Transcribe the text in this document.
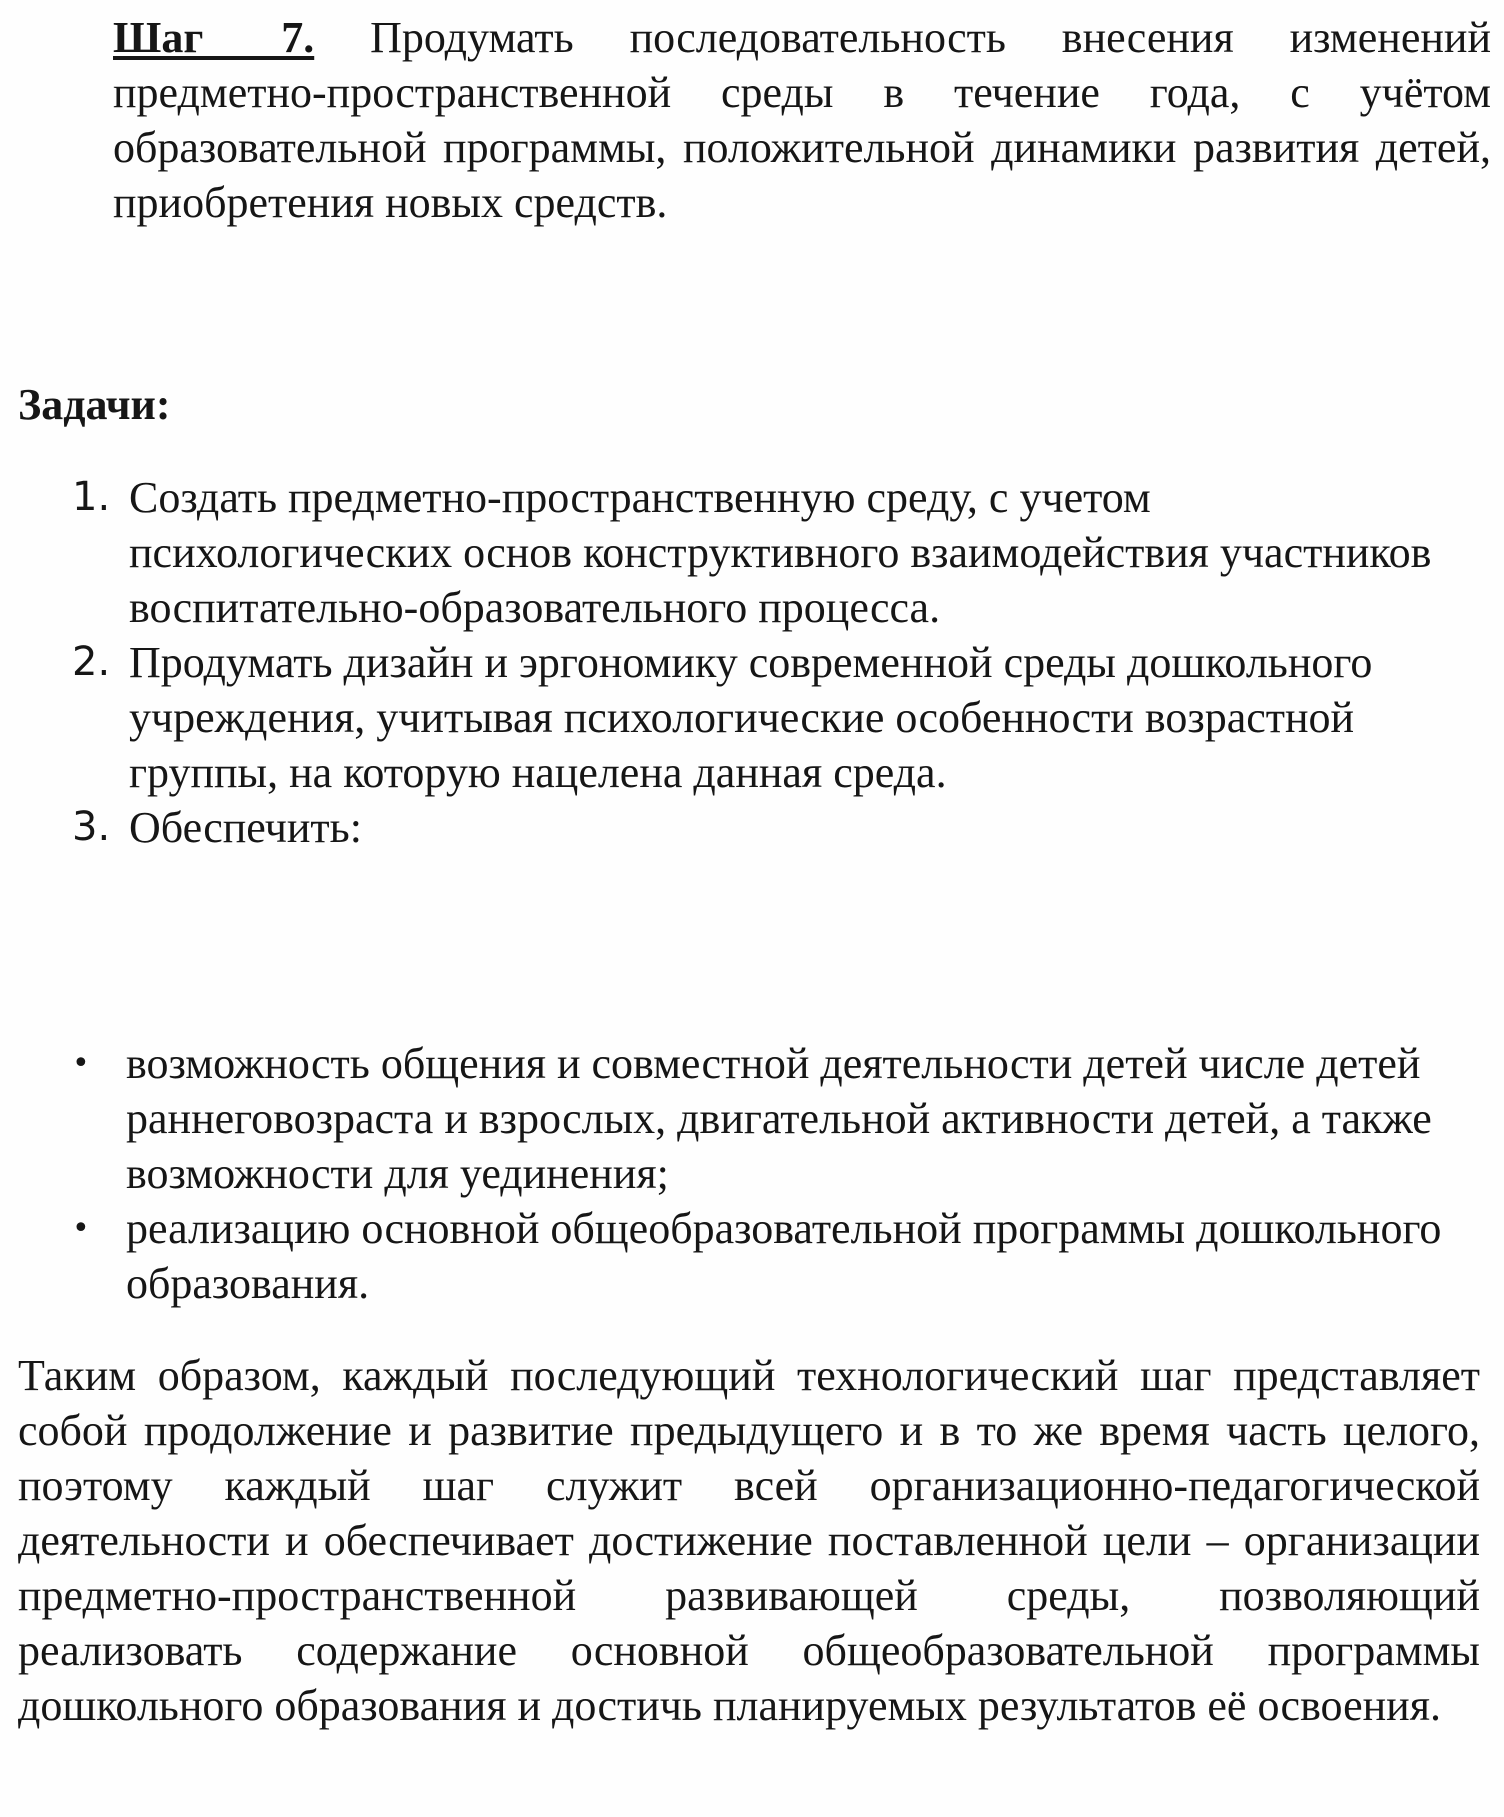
Шаг 7. Продумать последовательность внесения изменений предметно-пространственной среды в течение года, с учётом образовательной программы, положительной динамики развития детей, приобретения новых средств.
Задачи:
1. Создать предметно-пространственную среду, с учетом психологических основ конструктивного взаимодействия участников воспитательно-образовательного процесса.
2. Продумать дизайн и эргономику современной среды дошкольного учреждения, учитывая психологические особенности возрастной группы, на которую нацелена данная среда.
3. Обеспечить:
• возможность общения и совместной деятельности детей числе детей раннеговозраста и взрослых, двигательной активности детей, а также возможности для уединения;
• реализацию основной общеобразовательной программы дошкольного образования.

Таким образом, каждый последующий технологический шаг представляет собой продолжение и развитие предыдущего и в то же время часть целого, поэтому каждый шаг служит всей организационно-педагогической деятельности и обеспечивает достижение поставленной цели – организации предметно-пространственной развивающей среды, позволяющий реализовать содержание основной общеобразовательной программы дошкольного образования и достичь планируемых результатов её освоения.
